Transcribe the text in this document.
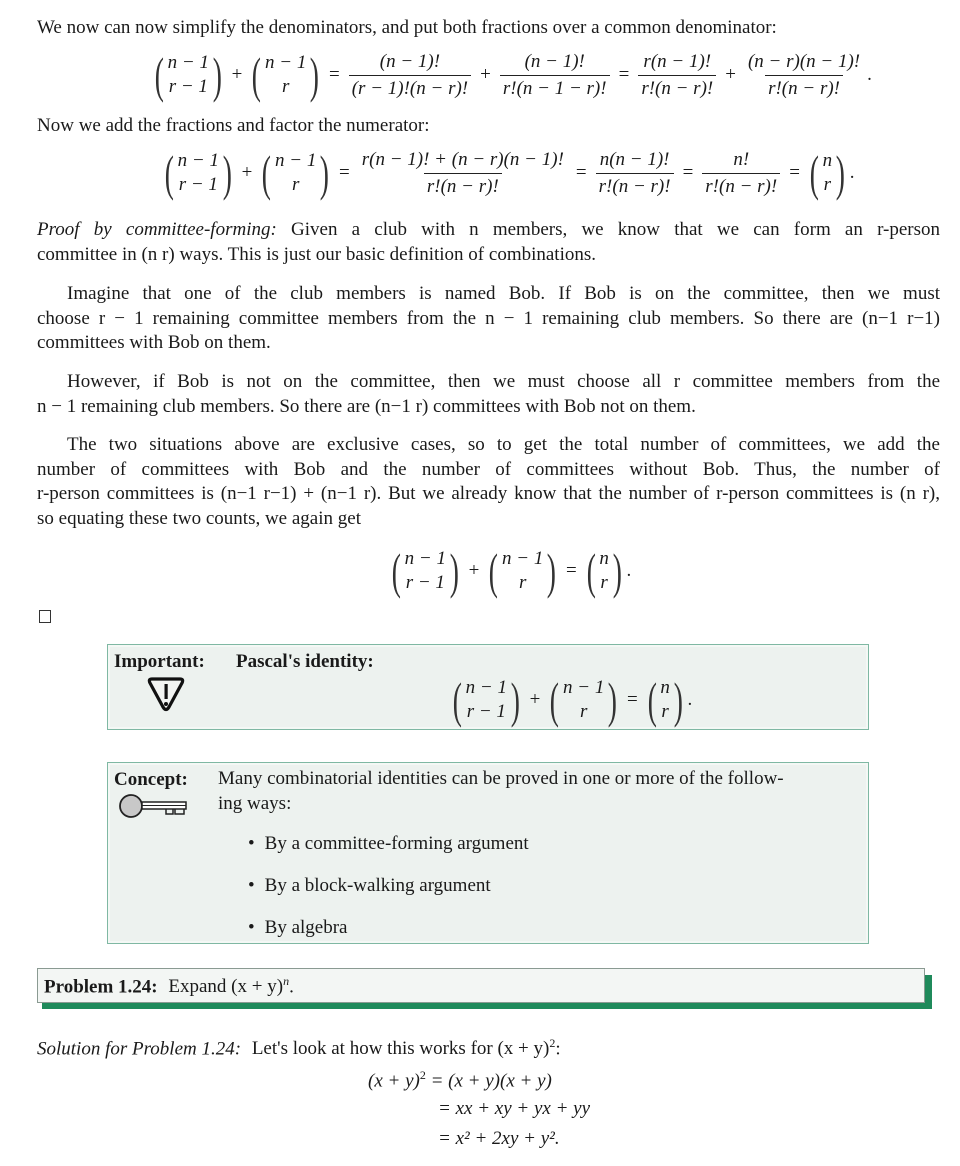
We now can now simplify the denominators, and put both fractions over a common denominator:
( n − 1
r − 1 ) + ( n − 1
r ) = $\frac{(n - 1)!}{(r - 1)!(n - r)!} + \frac{(n - 1)!}{r!(n - 1 - r)!} = \frac{r(n - 1)!}{r!(n - r)!} + \frac{(n - r)(n - 1)!}{r!(n - r)!}$ .
Now we add the fractions and factor the numerator:
( n − 1
r − 1 ) + ( n − 1
r ) = $\frac{r(n - 1)! + (n - r)(n - 1)!}{r!(n - r)!} = \frac{n(n - 1)!}{r!(n - r)!} = \frac{n!}{r!(n - r)!}$ = ( n
r ) .
Proof by committee-forming: Given a club with n members, we know that we can form an r-person
committee in (n r) ways. This is just our basic definition of combinations.
Imagine that one of the club members is named Bob. If Bob is on the committee, then we must
choose r − 1 remaining committee members from the n − 1 remaining club members. So there are (n−1 r−1)
committees with Bob on them.
However, if Bob is not on the committee, then we must choose all r committee members from the
n − 1 remaining club members. So there are (n−1 r) committees with Bob not on them.
The two situations above are exclusive cases, so to get the total number of committees, we add the
number of committees with Bob and the number of committees without Bob. Thus, the number of
r-person committees is (n−1 r−1) + (n−1 r). But we already know that the number of r-person committees is (n r),
so equating these two counts, we again get
( n − 1
r − 1 ) + ( n − 1
r ) = ( n
r ) .
Important: Pascal's identity:
( n − 1
r − 1 ) + ( n − 1
r ) = ( n
r ) .
Concept: Many combinatorial identities can be proved in one or more of the follow-
ing ways:
• By a committee-forming argument
• By a block-walking argument
• By algebra
Problem 1.24: Expand $(x + y)^n$.
Solution for Problem 1.24: Let's look at how this works for $(x + y)^2$:
$(x + y)^2 = (x + y)(x + y)$
= xx + xy + yx + yy
= x² + 2xy + y².
